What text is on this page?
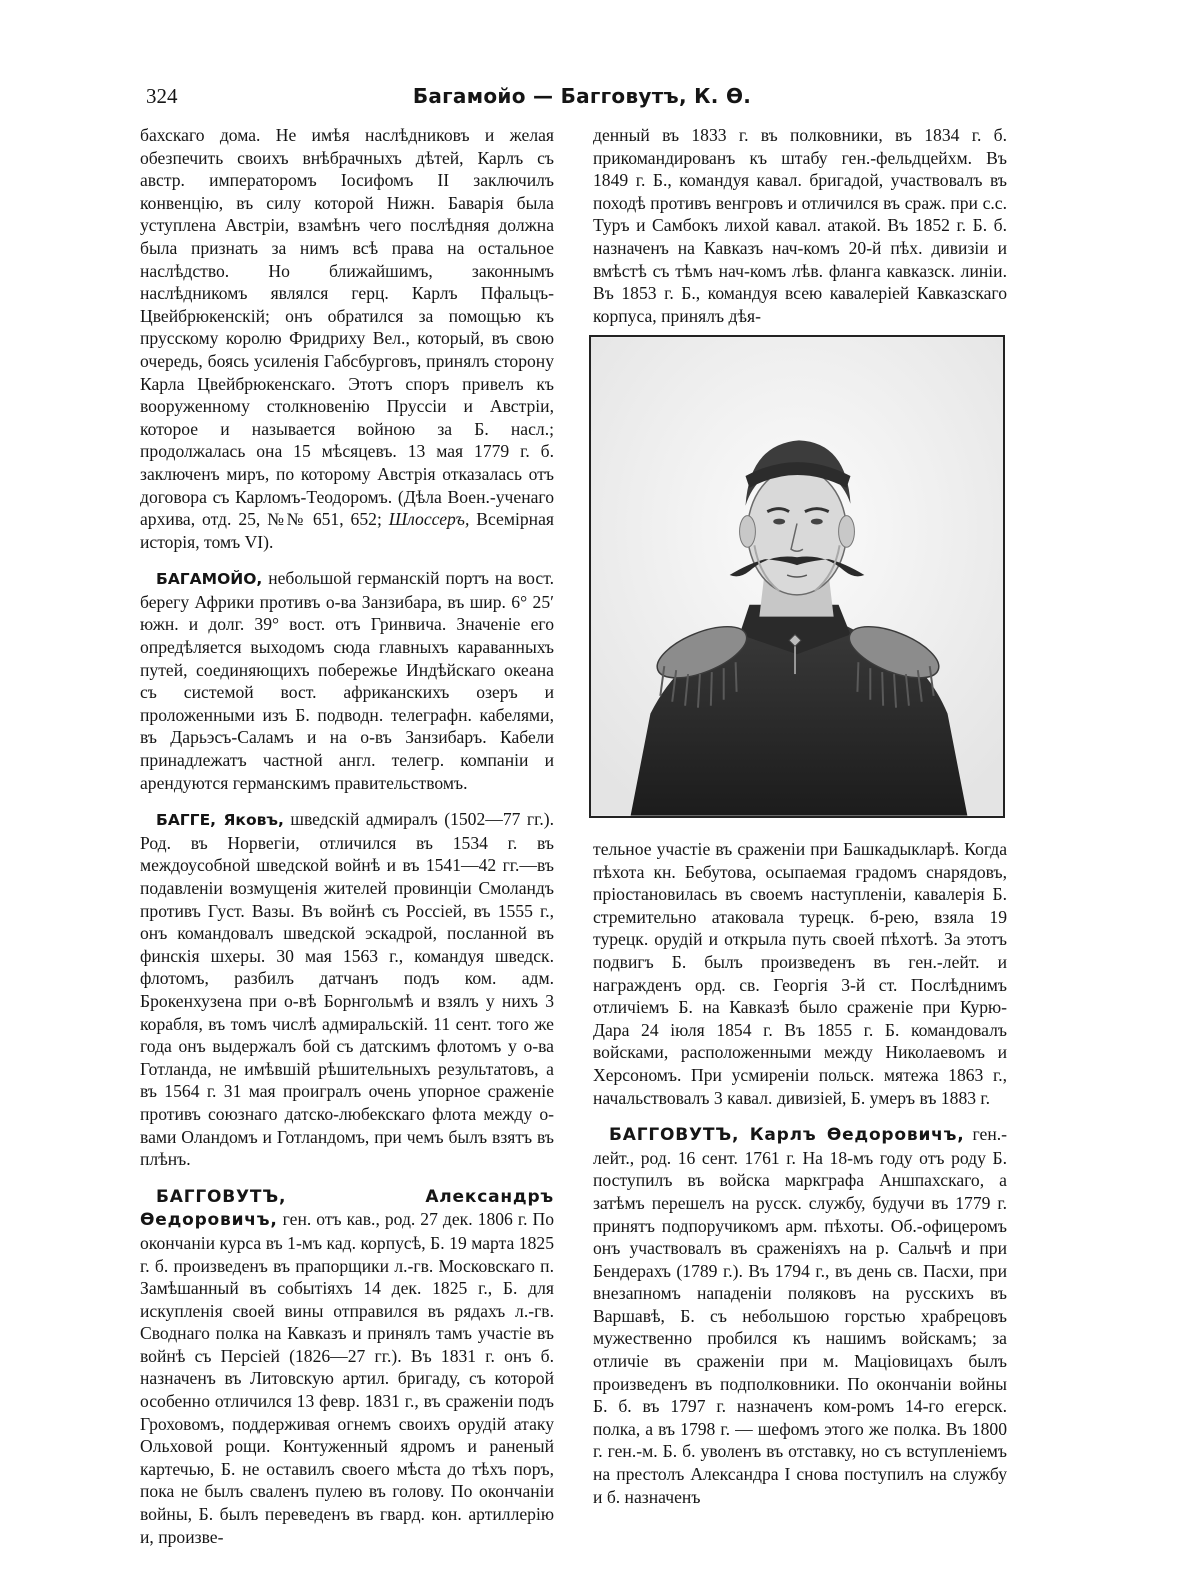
324	Багамойо — Багговутъ, К. Ѳ.

бахскаго дома. Не имѣя наслѣдниковъ и желая обезпечить своихъ внѣбрачныхъ дѣтей, Карлъ съ австр. императоромъ Іосифомъ II заключилъ конвенцію, въ силу которой Нижн. Баварія была уступлена Австріи, взамѣнъ чего послѣдняя должна была признать за нимъ всѣ права на остальное наслѣдство. Но ближайшимъ, законнымъ наслѣдникомъ являлся герц. Карлъ Пфальцъ-Цвейбрюкенскій; онъ обратился за помощью къ прусскому королю Фридриху Вел., который, въ свою очередь, боясь усиленія Габсбурговъ, принялъ сторону Карла Цвейбрюкенскаго. Этотъ споръ привелъ къ вооруженному столкновенію Пруссіи и Австріи, которое и называется войною за Б. насл.; продолжалась она 15 мѣсяцевъ. 13 мая 1779 г. б. заключенъ миръ, по которому Австрія отказалась отъ договора съ Карломъ-Теодоромъ. (Дѣла Воен.-ученаго архива, отд. 25, №№ 651, 652; Шлоссеръ, Всемірная исторія, томъ VI).

БАГАМОЙО, небольшой германскій портъ на вост. берегу Африки противъ о-ва Занзибара, въ шир. 6° 25′ южн. и долг. 39° вост. отъ Гринвича. Значеніе его опредѣляется выходомъ сюда главныхъ караванныхъ путей, соединяющихъ побережье Индѣйскаго океана съ системой вост. африканскихъ озеръ и проложенными изъ Б. подводн. телеграфн. кабелями, въ Дарьэсъ-Саламъ и на о-въ Занзибаръ. Кабели принадлежатъ частной англ. телегр. компаніи и арендуются германскимъ правительствомъ.

БАГГЕ, Яковъ, шведскій адмиралъ (1502—77 гг.). Род. въ Норвегіи, отличился въ 1534 г. въ междоусобной шведской войнѣ и въ 1541—42 гг.—въ подавленіи возмущенія жителей провинціи Смоландъ противъ Густ. Вазы. Въ войнѣ съ Россіей, въ 1555 г., онъ командовалъ шведской эскадрой, посланной въ финскія шхеры. 30 мая 1563 г., командуя шведск. флотомъ, разбилъ датчанъ подъ ком. адм. Брокенхузена при о-вѣ Борнгольмѣ и взялъ у нихъ 3 корабля, въ томъ числѣ адмиральскій. 11 сент. того же года онъ выдержалъ бой съ датскимъ флотомъ у о-ва Готланда, не имѣвшій рѣшительныхъ результатовъ, а въ 1564 г. 31 мая проигралъ очень упорное сраженіе противъ союзнаго датско-любекскаго флота между о-вами Оландомъ и Готландомъ, при чемъ былъ взятъ въ плѣнъ.

БАГГОВУТЪ, Александръ Ѳедоровичъ, ген. отъ кав., род. 27 дек. 1806 г. По окончаніи курса въ 1-мъ кад. корпусѣ, Б. 19 марта 1825 г. б. произведенъ въ прапорщики л.-гв. Московскаго п. Замѣшанный въ событіяхъ 14 дек. 1825 г., Б. для искупленія своей вины отправился въ рядахъ л.-гв. Своднаго полка на Кавказъ и принялъ тамъ участіе въ войнѣ съ Персіей (1826—27 гг.). Въ 1831 г. онъ б. назначенъ въ Литовскую артил. бригаду, съ которой особенно отличился 13 февр. 1831 г., въ сраженіи подъ Гроховомъ, поддерживая огнемъ своихъ орудій атаку Ольховой рощи. Контуженный ядромъ и раненый картечью, Б. не оставилъ своего мѣста до тѣхъ поръ, пока не былъ сваленъ пулею въ голову. По окончаніи войны, Б. былъ переведенъ въ гвард. кон. артиллерію и, произве-

денный въ 1833 г. въ полковники, въ 1834 г. б. прикомандированъ къ штабу ген.-фельдцейхм. Въ 1849 г. Б., командуя кавал. бригадой, участвовалъ въ походѣ противъ венгровъ и отличился въ сраж. при с.с. Туръ и Самбокъ лихой кавал. атакой. Въ 1852 г. Б. б. назначенъ на Кавказъ нач-комъ 20-й пѣх. дивизіи и вмѣстѣ съ тѣмъ нач-комъ лѣв. фланга кавказск. линіи. Въ 1853 г. Б., командуя всею кавалеріей Кавказскаго корпуса, принялъ дѣя-

тельное участіе въ сраженіи при Башкадыкларѣ. Когда пѣхота кн. Бебутова, осыпаемая градомъ снарядовъ, пріостановилась въ своемъ наступленіи, кавалерія Б. стремительно атаковала турецк. б-рею, взяла 19 турецк. орудій и открыла путь своей пѣхотѣ. За этотъ подвигъ Б. былъ произведенъ въ ген.-лейт. и награжденъ орд. св. Георгія 3-й ст. Послѣднимъ отличіемъ Б. на Кавказѣ было сраженіе при Курю-Дара 24 іюля 1854 г. Въ 1855 г. Б. командовалъ войсками, расположенными между Николаевомъ и Херсономъ. При усмиреніи польск. мятежа 1863 г., начальствовалъ 3 кавал. дивизіей, Б. умеръ въ 1883 г.

БАГГОВУТЪ, Карлъ Ѳедоровичъ, ген.-лейт., род. 16 сент. 1761 г. На 18-мъ году отъ роду Б. поступилъ въ войска маркграфа Аншпахскаго, а затѣмъ перешелъ на русск. службу, будучи въ 1779 г. принятъ подпоручикомъ арм. пѣхоты. Об.-офицеромъ онъ участвовалъ въ сраженіяхъ на р. Сальчѣ и при Бендерахъ (1789 г.). Въ 1794 г., въ день св. Пасхи, при внезапномъ нападеніи поляковъ на русскихъ въ Варшавѣ, Б. съ небольшою горстью храбрецовъ мужественно пробился къ нашимъ войскамъ; за отличіе въ сраженіи при м. Маціовицахъ былъ произведенъ въ подполковники. По окончаніи войны Б. б. въ 1797 г. назначенъ ком-ромъ 14-го егерск. полка, а въ 1798 г. — шефомъ этого же полка. Въ 1800 г. ген.-м. Б. б. уволенъ въ отставку, но съ вступленіемъ на престолъ Александра I снова поступилъ на службу и б. назначенъ
